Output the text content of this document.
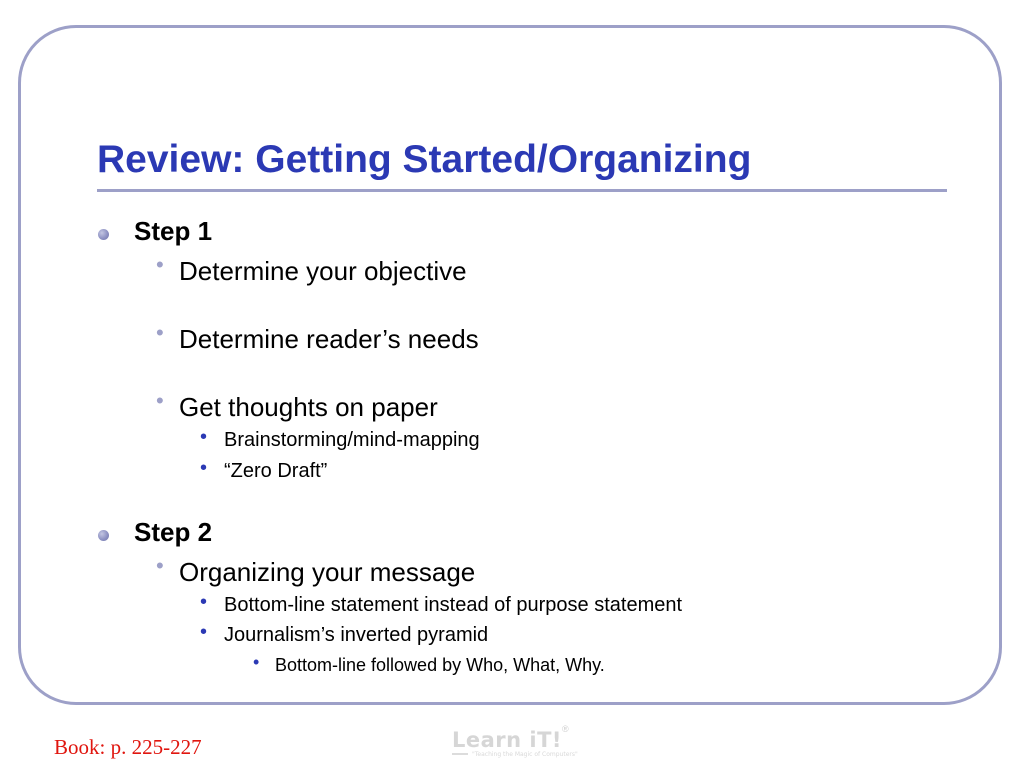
Review: Getting Started/Organizing
Step 1
• Determine your objective
• Determine reader’s needs
• Get thoughts on paper
• Brainstorming/mind-mapping
• “Zero Draft”
Step 2
• Organizing your message
• Bottom-line statement instead of purpose statement
• Journalism’s inverted pyramid
• Bottom-line followed by Who, What, Why.
Book: p. 225-227	Learn iT! ®
"Teaching the Magic of Computers"
